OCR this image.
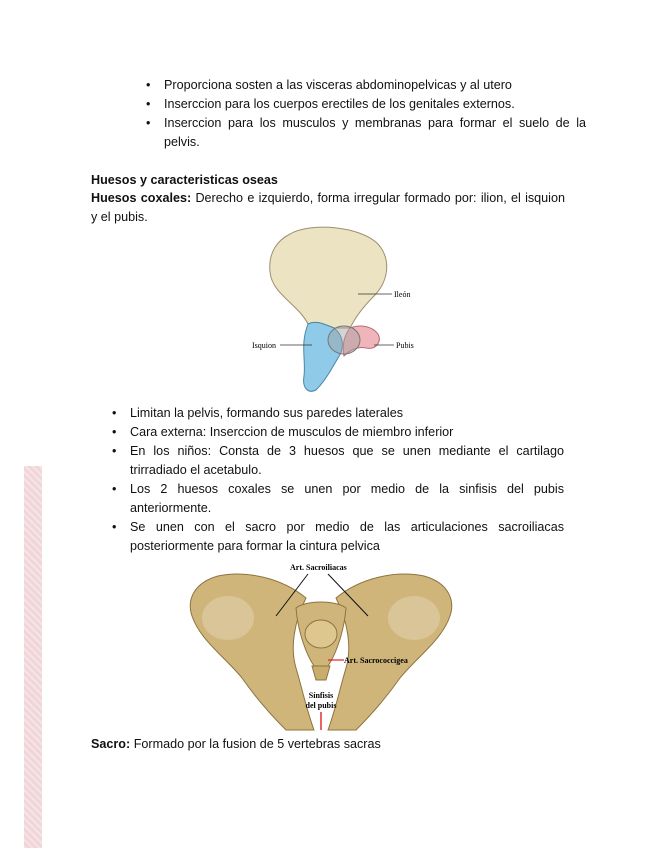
• Proporciona sosten a las visceras abdominopelvicas y al utero
• Inserccion para los cuerpos erectiles de los genitales externos.
• Inserccion para los musculos y membranas para formar el suelo de la pelvis.
Huesos y caracteristicas oseas
Huesos coxales: Derecho e izquierdo, forma irregular formado por: ilion, el isquion y el pubis.
Ileón
Isquion	Pubis
• Limitan la pelvis, formando sus paredes laterales
• Cara externa: Inserccion de musculos de miembro inferior
• En los niños: Consta de 3 huesos que se unen mediante el cartilago trirradiado el acetabulo.
• Los 2 huesos coxales se unen por medio de la sinfisis del pubis anteriormente.
• Se unen con el sacro por medio de las articulaciones sacroiliacas posteriormente para formar la cintura pelvica
Art. Sacroiliacas
Art. Sacrococcigea
Sínfisis
del pubis
Sacro: Formado por la fusion de 5 vertebras sacras
